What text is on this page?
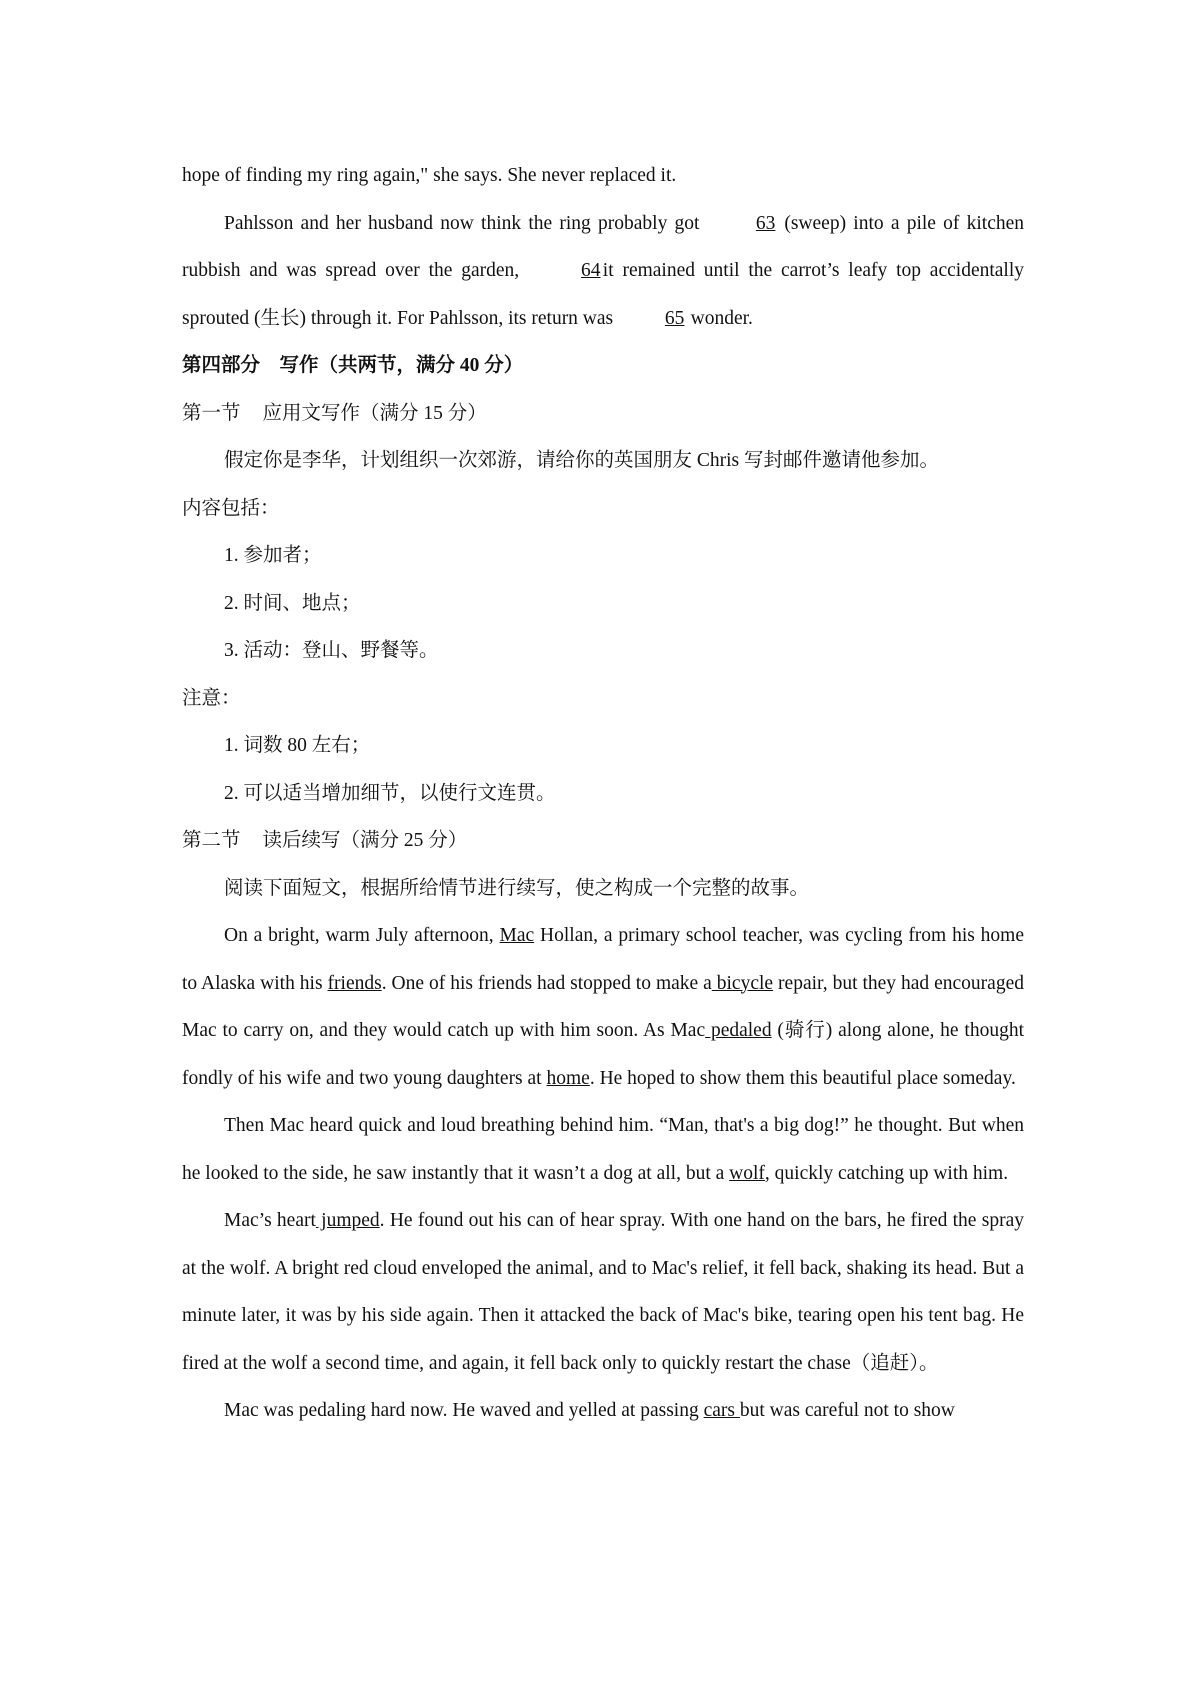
hope of finding my ring again," she says. She never replaced it.

Pahlsson and her husband now think the ring probably got	63 (sweep) into a pile of kitchen rubbish and was spread over the garden,	64 it remained until the carrot’s leafy top accidentally sprouted (生长) through it. For Pahlsson, its return was	65 wonder.

第四部分　写作（共两节，满分 40 分）

第一节 应用文写作（满分 15 分）

假定你是李华，计划组织一次郊游，请给你的英国朋友 Chris 写封邮件邀请他参加。

内容包括：

1. 参加者；

2. 时间、地点；

3. 活动：登山、野餐等。

注意：

1. 词数 80 左右；

2. 可以适当增加细节，以使行文连贯。

第二节 读后续写（满分 25 分）

阅读下面短文，根据所给情节进行续写，使之构成一个完整的故事。

On a bright, warm July afternoon, Mac Hollan, a primary school teacher, was cycling from his home to Alaska with his friends. One of his friends had stopped to make a bicycle repair, but they had encouraged Mac to carry on, and they would catch up with him soon. As Mac pedaled (骑行) along alone, he thought fondly of his wife and two young daughters at home. He hoped to show them this beautiful place someday.

Then Mac heard quick and loud breathing behind him. “Man, that's a big dog!” he thought. But when he looked to the side, he saw instantly that it wasn’t a dog at all, but a wolf, quickly catching up with him.

Mac’s heart jumped. He found out his can of hear spray. With one hand on the bars, he fired the spray at the wolf. A bright red cloud enveloped the animal, and to Mac's relief, it fell back, shaking its head. But a minute later, it was by his side again. Then it attacked the back of Mac's bike, tearing open his tent bag. He fired at the wolf a second time, and again, it fell back only to quickly restart the chase（追赶）。

Mac was pedaling hard now. He waved and yelled at passing cars but was careful not to show
